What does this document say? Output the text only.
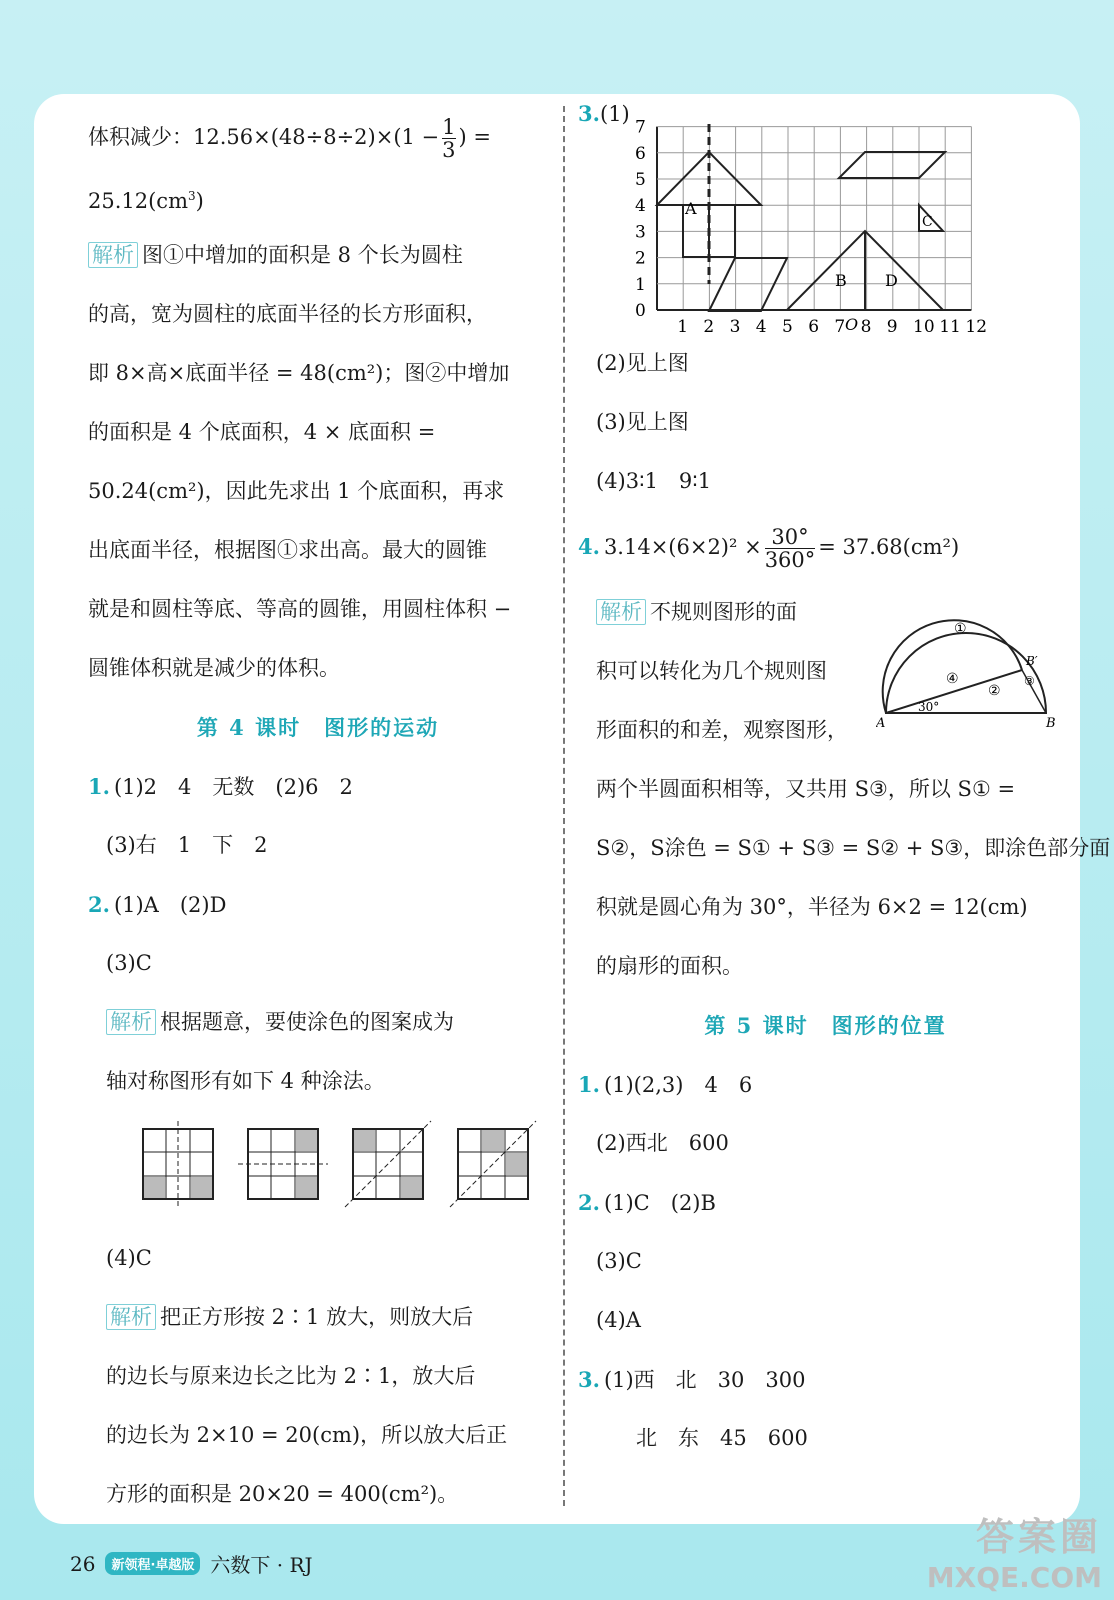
体积减少：$12.56\times(48\div 8\div 2)\times(1 - \frac{1}{3}$ ) =
$25.12(cm^3)$
解析 图①中增加的面积是 8 个长为圆柱
的高，宽为圆柱的底面半径的长方形面积，
即 8×高×底面半径 = 48(cm²)；图②中增加
的面积是 4 个底面积，4 × 底面积 =
50.24(cm²)，因此先求出 1 个底面积，再求
出底面半径，根据图①求出高。最大的圆锥
就是和圆柱等底、等高的圆锥，用圆柱体积 −
圆锥体积就是减少的体积。
第 4 课时　图形的运动
1. (1)2　4　无数　(2)6　2
(3)右　1　下　2
2. (1)A　(2)D
(3)C
解析 根据题意，要使涂色的图案成为
轴对称图形有如下 4 种涂法。
(4)C
解析 把正方形按 2∶1 放大，则放大后
的边长与原来边长之比为 2∶1，放大后
的边长为 2×10 = 20(cm)，所以放大后正
方形的面积是 20×20 = 400(cm²)。
3. (1)
A
C
B D
O
1 2 3 4 5 6 7 8 9 10 11 12
0
1
2
3
4
5
6
7
(2)见上图
(3)见上图
(4)3∶1　9∶1
4. $3.14\times(6\times 2)^2 \times \frac{30^\circ}{360^\circ} = 37.68(cm^2)$
解析 不规则图形的面
积可以转化为几个规则图
形面积的和差，观察图形，
①
②
③
④
A	B
B′
30°
两个半圆面积相等，又共用 S③，所以 S① =
S②，S涂色 = S① + S③ = S② + S③，即涂色部分面
积就是圆心角为 30°，半径为 6×2 = 12(cm)
的扇形的面积。
第 5 课时　图形的位置
1. (1)(2,3)　4　6
(2)西北　600
2. (1)C　(2)B
(3)C
(4)A
3. (1)西　北　30　300
北　东　45　600
26	新领程·卓越版 六数下 · RJ
答案圈
MXQE.COM
